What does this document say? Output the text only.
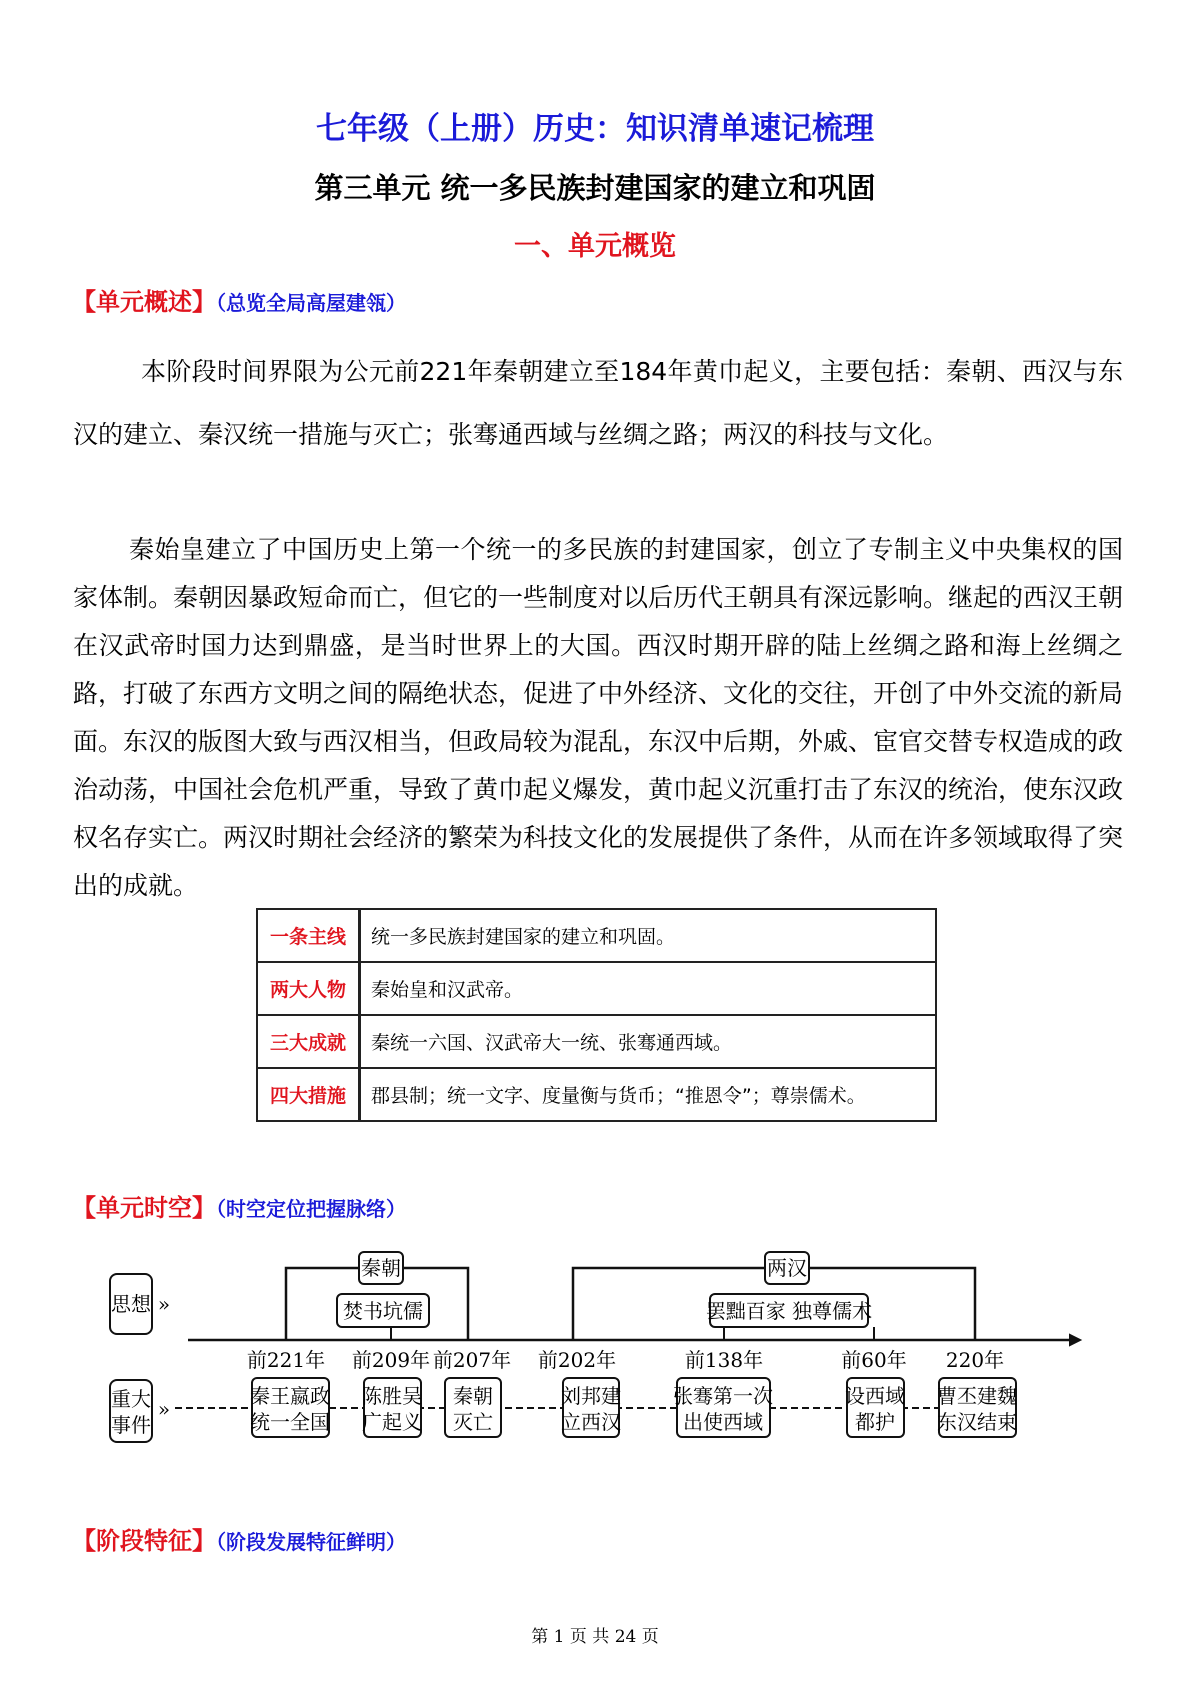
七年级（上册）历史：知识清单速记梳理
第三单元 统一多民族封建国家的建立和巩固
一、单元概览
【单元概述】（总览全局高屋建瓴）
本阶段时间界限为公元前221年秦朝建立至184年黄巾起义，主要包括：秦朝、西汉与东汉的建立、秦汉统一措施与灭亡；张骞通西域与丝绸之路；两汉的科技与文化。
秦始皇建立了中国历史上第一个统一的多民族的封建国家，创立了专制主义中央集权的国家体制。秦朝因暴政短命而亡，但它的一些制度对以后历代王朝具有深远影响。继起的西汉王朝在汉武帝时国力达到鼎盛，是当时世界上的大国。西汉时期开辟的陆上丝绸之路和海上丝绸之路，打破了东西方文明之间的隔绝状态，促进了中外经济、文化的交往，开创了中外交流的新局面。东汉的版图大致与西汉相当，但政局较为混乱，东汉中后期，外戚、宦官交替专权造成的政治动荡，中国社会危机严重，导致了黄巾起义爆发，黄巾起义沉重打击了东汉的统治，使东汉政权名存实亡。两汉时期社会经济的繁荣为科技文化的发展提供了条件，从而在许多领域取得了突出的成就。
一条主线	统一多民族封建国家的建立和巩固。
两大人物	秦始皇和汉武帝。
三大成就	秦统一六国、汉武帝大一统、张骞通西域。
四大措施	郡县制；统一文字、度量衡与货币；“推恩令”；尊崇儒术。
【单元时空】（时空定位把握脉络）
思想 »
重大
事件
»
秦朝	两汉
焚书坑儒	罢黜百家 独尊儒术
前221年 前209年 前207年 前202年	前138年	前60年 220年
秦王嬴政
统一全国
陈胜吴
广起义
秦朝
灭亡
刘邦建
立西汉
张骞第一次
出使西域
设西域
都护
曹丕建魏
东汉结束
【阶段特征】（阶段发展特征鲜明）
第 1 页 共 24 页
